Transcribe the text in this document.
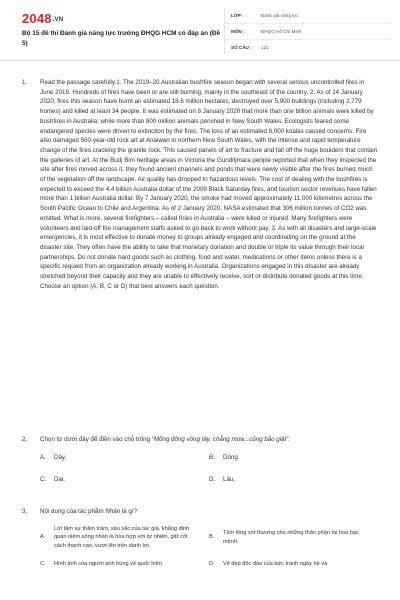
2048.VN
Bộ 15 đề thi Đánh giá năng lực trường ĐHQG HCM có đáp án (Đề 5)
LỚP :	Đánh giá năng lực
MÔN :	ĐHQG Hồ Chí Minh
SỐ CÂU :	121
1. Read the passage carefully.1. The 2019–20 Australian bushfire season began with several serious uncontrolled fires in June 2019. Hundreds of fires have been or are still burning, mainly in the southeast of the country. 2. As of 14 January 2020, fires this season have burnt an estimated 18.6 million hectares, destroyed over 5,900 buildings (including 2,779 homes) and killed at least 34 people. It was estimated on 8 January 2020 that more than one billion animals were killed by bushfires in Australia; while more than 800 million animals perished in New South Wales. Ecologists feared some endangered species were driven to extinction by the fires. The loss of an estimated 8,000 koalas caused concerns. Fire also damaged 500-year-old rock art at Anaiwan in northern New South Wales, with the intense and rapid temperature change of the fires cracking the granite rock. This caused panels of art to fracture and fall off the huge boulders that contain the galleries of art. At the Budj Bim heritage areas in Victoria the Gunditjmara people reported that when they inspected the site after fires moved across it, they found ancient channels and ponds that were newly visible after the fires burned much of the vegetation off the landscape. Air quality has dropped to hazardous levels. The cost of dealing with the bushfires is expected to exceed the 4.4 billion Australia dollar of the 2009 Black Saturday fires, and tourism sector revenues have fallen more than 1 billion Australia dollar. By 7 January 2020, the smoke had moved approximately 11,000 kilometres across the South Pacific Ocean to Chile and Argentina. As of 2 January 2020, NASA estimated that 306 million tonnes of CO2 was emitted. What is more, several firefighters – called fíries in Australia – were killed or injured. Many firefighters were volunteers and laid-off fire management staffs asked to go back to work without pay. 3. As with all disasters and large-scale emergencies, it is most effective to donate money to groups already engaged and coordinating on the ground at the disaster site. They often have the ability to take that monetary donation and double or triple its value through their local partnerships. Do not donate hard goods such as clothing, food and water, medications or other items unless there is a specific request from an organization already working in Australia. Organizations engaged in this disaster are already stretched beyond their capacity and they are unable to effectively receive, sort or distribute donated goods at this time. Choose an option (A, B, C or D) that best answers each question.

2. Chọn từ dưới đây để điền vào chỗ trống “Mồng đông vồng tây, chẳng mưa...cũng bão giật”.

A.	Dây.	B.	Dông.
C.	Dai.	D.	Lâu.
3. Nội dung của tác phẩm Nhàn là gì?

A.
Lời tâm sự thâm trầm, sâu sắc của tác giả, khẳng định quan niệm sống nhàn là hòa hợp với tự nhiên, giữ cốt cách thanh cao, vượt lên trên danh lợi.
B.
Tấm lòng xót thương cho những thân phận tài hoa bạc mệnh.
C.	Hình ảnh của người anh hùng vệ quốc hiên	D.	Vẻ đẹp độc đáo của bức tranh ngày hè và
